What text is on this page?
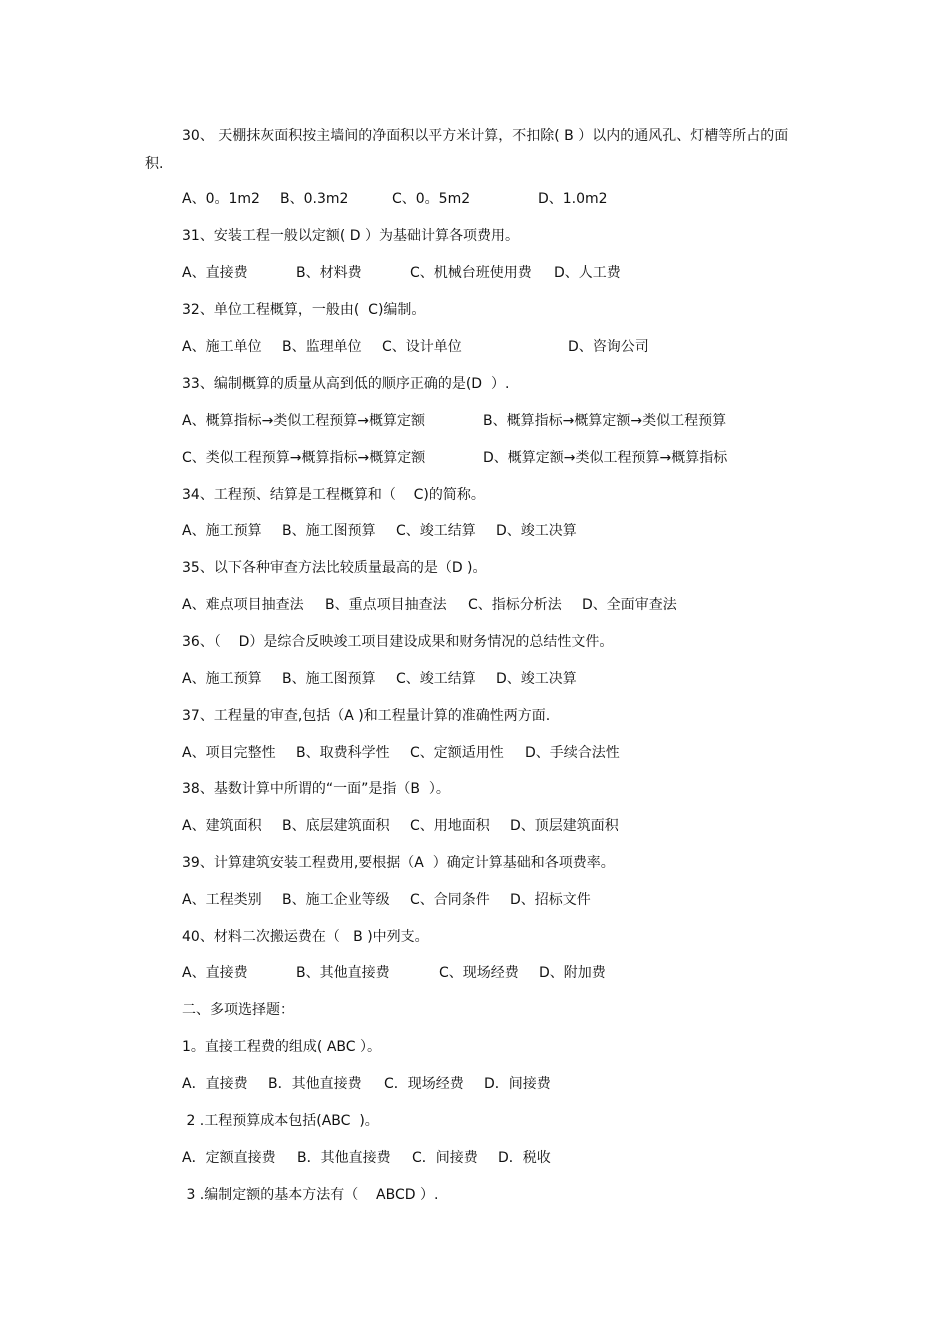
30、 天棚抹灰面积按主墙间的净面积以平方米计算，不扣除( B ）以内的通风孔、灯槽等所占的面
积.

A、0。1m2

B、0.3m2

	C、0。5m2

	D、1.0m2

31、安装工程一般以定额( D ）为基础计算各项费用。

A、直接费

	B、材料费

	C、机械台班使用费

D、人工费

32、单位工程概算，一般由(  C)编制。

A、施工单位

B、监理单位

C、设计单位

	D、咨询公司

33、编制概算的质量从高到低的顺序正确的是(D  ）.

A、概算指标→类似工程预算→概算定额

	B、概算指标→概算定额→类似工程预算

C、类似工程预算→概算指标→概算定额

	D、概算定额→类似工程预算→概算指标

34、工程预、结算是工程概算和（    C)的简称。

A、施工预算

B、施工图预算

C、竣工结算

D、竣工决算

35、以下各种审查方法比较质量最高的是（D )。

A、难点项目抽查法

B、重点项目抽查法

C、指标分析法

D、全面审查法

36、（    D）是综合反映竣工项目建设成果和财务情况的总结性文件。

A、施工预算

B、施工图预算

C、竣工结算

D、竣工决算

37、工程量的审查,包括（A )和工程量计算的准确性两方面.

A、项目完整性

B、取费科学性

C、定额适用性

D、手续合法性

38、基数计算中所谓的“一面”是指（B  ）。

A、建筑面积

B、底层建筑面积

C、用地面积

D、顶层建筑面积

39、计算建筑安装工程费用,要根据（A  ）确定计算基础和各项费率。

A、工程类别

B、施工企业等级

C、合同条件

D、招标文件

40、材料二次搬运费在（   B )中列支。

A、直接费

	B、其他直接费

	C、现场经费

D、附加费

二、多项选择题：
1。直接工程费的组成( ABC ）。

A．直接费

B．其他直接费

C．现场经费

D．间接费

2 .工程预算成本包括(ABC  )。

A．定额直接费

B．其他直接费

C．间接费

D．税收

3 .编制定额的基本方法有（    ABCD ）.
